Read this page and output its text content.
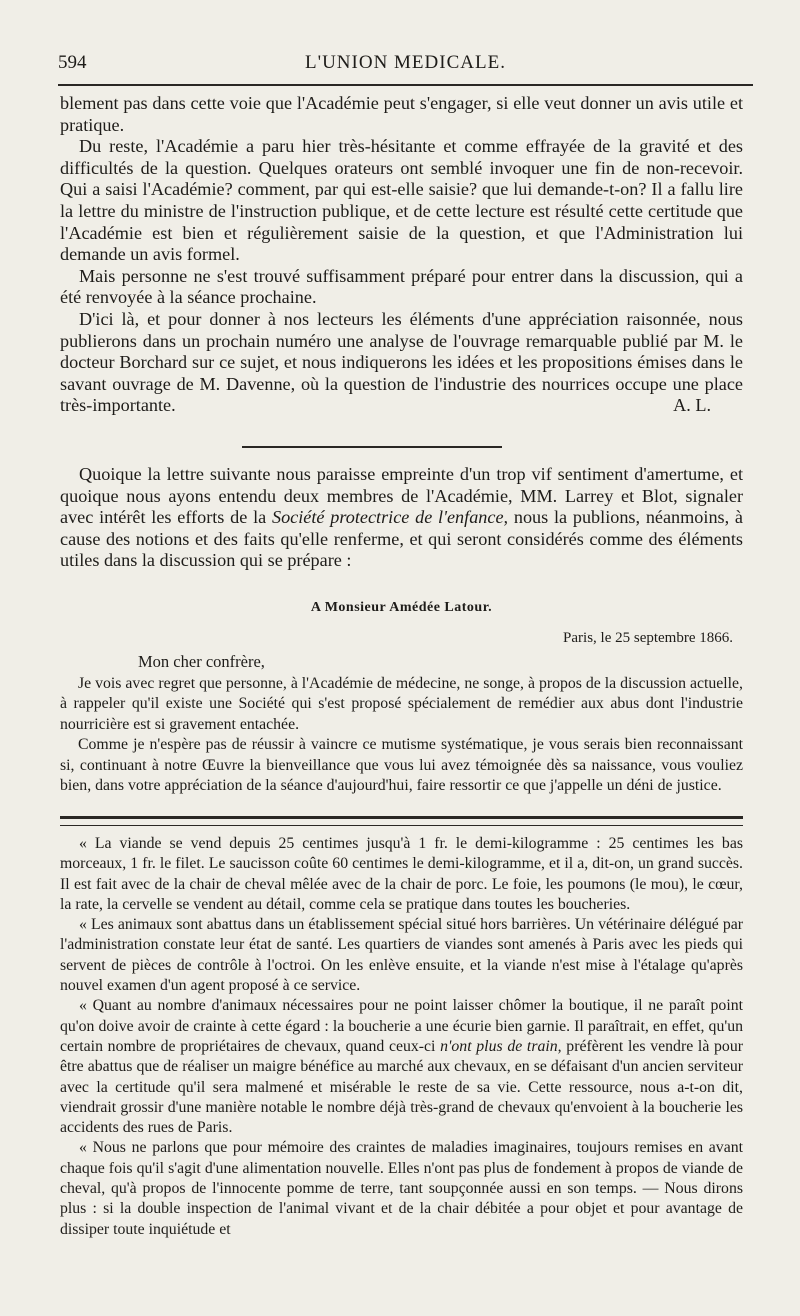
594	L'UNION MEDICALE.

blement pas dans cette voie que l'Académie peut s'engager, si elle veut donner un avis utile et pratique.

Du reste, l'Académie a paru hier très-hésitante et comme effrayée de la gravité et des difficultés de la question. Quelques orateurs ont semblé invoquer une fin de non-recevoir. Qui a saisi l'Académie? comment, par qui est-elle saisie? que lui demande-t-on? Il a fallu lire la lettre du ministre de l'instruction publique, et de cette lecture est résulté cette certitude que l'Académie est bien et régulièrement saisie de la question, et que l'Administration lui demande un avis formel.

Mais personne ne s'est trouvé suffisamment préparé pour entrer dans la discussion, qui a été renvoyée à la séance prochaine.

D'ici là, et pour donner à nos lecteurs les éléments d'une appréciation raisonnée, nous publierons dans un prochain numéro une analyse de l'ouvrage remarquable publié par M. le docteur Borchard sur ce sujet, et nous indiquerons les idées et les propositions émises dans le savant ouvrage de M. Davenne, où la question de l'industrie des nourrices occupe une place très-importante.	A. L.

Quoique la lettre suivante nous paraisse empreinte d'un trop vif sentiment d'amertume, et quoique nous ayons entendu deux membres de l'Académie, MM. Larrey et Blot, signaler avec intérêt les efforts de la Société protectrice de l'enfance, nous la publions, néanmoins, à cause des notions et des faits qu'elle renferme, et qui seront considérés comme des éléments utiles dans la discussion qui se prépare :

A Monsieur Amédée Latour.
Paris, le 25 septembre 1866.
Mon cher confrère,

Je vois avec regret que personne, à l'Académie de médecine, ne songe, à propos de la discussion actuelle, à rappeler qu'il existe une Société qui s'est proposé spécialement de remédier aux abus dont l'industrie nourricière est si gravement entachée.

Comme je n'espère pas de réussir à vaincre ce mutisme systématique, je vous serais bien reconnaissant si, continuant à notre Œuvre la bienveillance que vous lui avez témoignée dès sa naissance, vous vouliez bien, dans votre appréciation de la séance d'aujourd'hui, faire ressortir ce que j'appelle un déni de justice.

« La viande se vend depuis 25 centimes jusqu'à 1 fr. le demi-kilogramme : 25 centimes les bas morceaux, 1 fr. le filet. Le saucisson coûte 60 centimes le demi-kilogramme, et il a, dit-on, un grand succès. Il est fait avec de la chair de cheval mêlée avec de la chair de porc. Le foie, les poumons (le mou), le cœur, la rate, la cervelle se vendent au détail, comme cela se pratique dans toutes les boucheries.

« Les animaux sont abattus dans un établissement spécial situé hors barrières. Un vétérinaire délégué par l'administration constate leur état de santé. Les quartiers de viandes sont amenés à Paris avec les pieds qui servent de pièces de contrôle à l'octroi. On les enlève ensuite, et la viande n'est mise à l'étalage qu'après nouvel examen d'un agent proposé à ce service.

« Quant au nombre d'animaux nécessaires pour ne point laisser chômer la boutique, il ne paraît point qu'on doive avoir de crainte à cette égard : la boucherie a une écurie bien garnie. Il paraîtrait, en effet, qu'un certain nombre de propriétaires de chevaux, quand ceux-ci n'ont plus de train, préfèrent les vendre là pour être abattus que de réaliser un maigre bénéfice au marché aux chevaux, en se défaisant d'un ancien serviteur avec la certitude qu'il sera malmené et misérable le reste de sa vie. Cette ressource, nous a-t-on dit, viendrait grossir d'une manière notable le nombre déjà très-grand de chevaux qu'envoient à la boucherie les accidents des rues de Paris.

« Nous ne parlons que pour mémoire des craintes de maladies imaginaires, toujours remises en avant chaque fois qu'il s'agit d'une alimentation nouvelle. Elles n'ont pas plus de fondement à propos de viande de cheval, qu'à propos de l'innocente pomme de terre, tant soupçonnée aussi en son temps. — Nous dirons plus : si la double inspection de l'animal vivant et de la chair débitée a pour objet et pour avantage de dissiper toute inquiétude et
